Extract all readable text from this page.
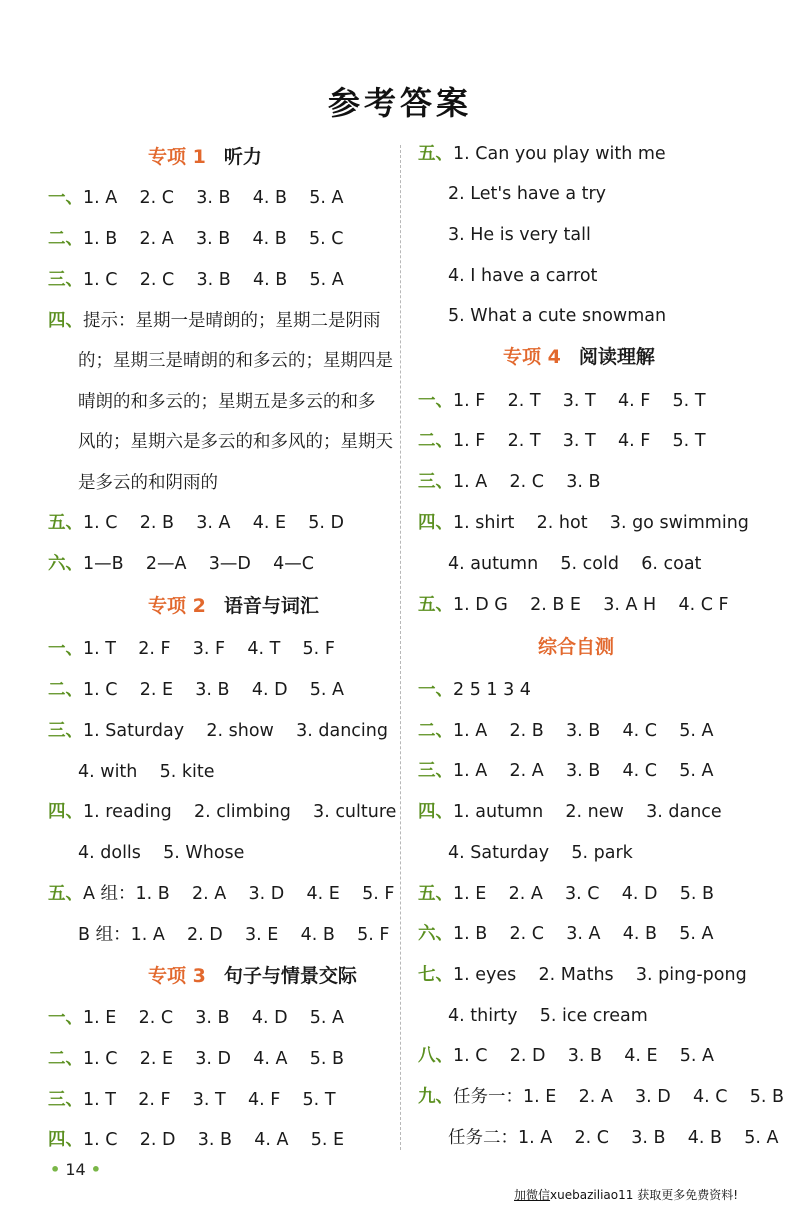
参考答案
专项 1 听力
一、1. A    2. C    3. B    4. B    5. A
二、1. B    2. A    3. B    4. B    5. C
三、1. C    2. C    3. B    4. B    5. A
四、提示：星期一是晴朗的；星期二是阴雨
的；星期三是晴朗的和多云的；星期四是
晴朗的和多云的；星期五是多云的和多
风的；星期六是多云的和多风的；星期天
是多云的和阴雨的
五、1. C    2. B    3. A    4. E    5. D
六、1—B    2—A    3—D    4—C
专项 2 语音与词汇
一、1. T    2. F    3. F    4. T    5. F
二、1. C    2. E    3. B    4. D    5. A
三、1. Saturday    2. show    3. dancing
4. with    5. kite
四、1. reading    2. climbing    3. culture
4. dolls    5. Whose
五、A 组：1. B    2. A    3. D    4. E    5. F
B 组：1. A    2. D    3. E    4. B    5. F
专项 3 句子与情景交际
一、1. E    2. C    3. B    4. D    5. A
二、1. C    2. E    3. D    4. A    5. B
三、1. T    2. F    3. T    4. F    5. T
四、1. C    2. D    3. B    4. A    5. E
五、1. Can you play with me
2. Let's have a try
3. He is very tall
4. I have a carrot
5. What a cute snowman
专项 4 阅读理解
一、1. F    2. T    3. T    4. F    5. T
二、1. F    2. T    3. T    4. F    5. T
三、1. A    2. C    3. B
四、1. shirt    2. hot    3. go swimming
4. autumn    5. cold    6. coat
五、1. D G    2. B E    3. A H    4. C F
综合自测
一、2 5 1 3 4
二、1. A    2. B    3. B    4. C    5. A
三、1. A    2. A    3. B    4. C    5. A
四、1. autumn    2. new    3. dance
4. Saturday    5. park
五、1. E    2. A    3. C    4. D    5. B
六、1. B    2. C    3. A    4. B    5. A
七、1. eyes    2. Maths    3. ping-pong
4. thirty    5. ice cream
八、1. C    2. D    3. B    4. E    5. A
九、任务一：1. E    2. A    3. D    4. C    5. B
任务二：1. A    2. C    3. B    4. B    5. A
• 14 •
加微信xuebaziliao11 获取更多免费资料!
